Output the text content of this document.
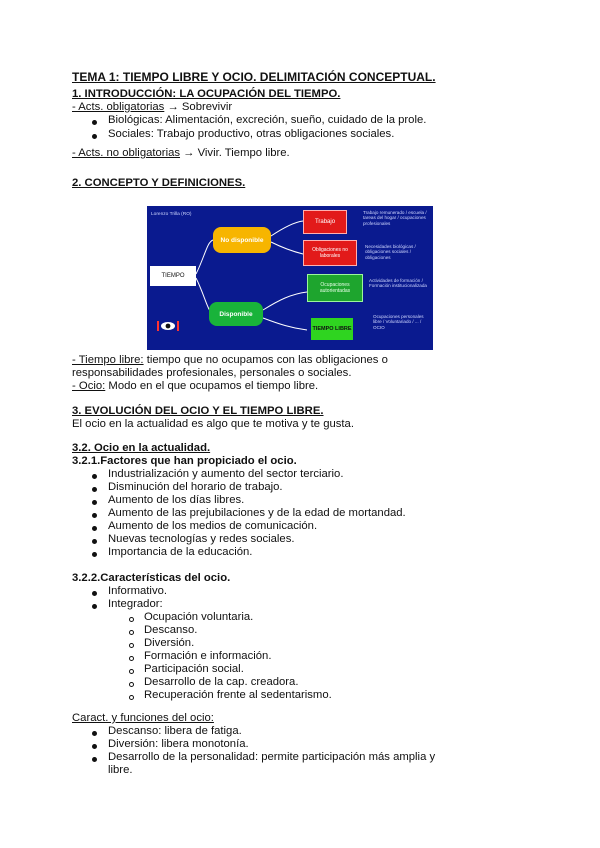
TEMA 1: TIEMPO LIBRE Y OCIO. DELIMITACIÓN CONCEPTUAL.
1. INTRODUCCIÓN: LA OCUPACIÓN DEL TIEMPO.
- Acts. obligatorias → Sobrevivir
Biológicas: Alimentación, excreción, sueño, cuidado de la prole.
Sociales: Trabajo productivo, otras obligaciones sociales.
- Acts. no obligatorias → Vivir. Tiempo libre.
2. CONCEPTO Y DEFINICIONES.
Lorenzo Trilla (RO)
TIEMPO
No disponible
Disponible
Trabajo
Obligaciones no laborales
Ocupaciones autorientadas
TIEMPO LIBRE
Trabajo remunerado / escuela / tareas del hogar / ocupaciones profesionales
Necesidades biológicas / obligaciones sociales / obligaciones
Actividades de formación / Formación institucionalizada
Ocupaciones personales libre / Voluntariado / ... / OCIO
- Tiempo libre: tiempo que no ocupamos con las obligaciones o
responsabilidades profesionales, personales o sociales.
- Ocio: Modo en el que ocupamos el tiempo libre.
3. EVOLUCIÓN DEL OCIO Y EL TIEMPO LIBRE.
El ocio en la actualidad es algo que te motiva y te gusta.
3.2. Ocio en la actualidad.
3.2.1.Factores que han propiciado el ocio.
Industrialización y aumento del sector terciario.
Disminución del horario de trabajo.
Aumento de los días libres.
Aumento de las prejubilaciones y de la edad de mortandad.
Aumento de los medios de comunicación.
Nuevas tecnologías y redes sociales.
Importancia de la educación.
3.2.2.Características del ocio.
Informativo.
Integrador:
Ocupación voluntaria.
Descanso.
Diversión.
Formación e información.
Participación social.
Desarrollo de la cap. creadora.
Recuperación frente al sedentarismo.
Caract. y funciones del ocio:
Descanso: libera de fatiga.
Diversión: libera monotonía.
Desarrollo de la personalidad: permite participación más amplia y
libre.
